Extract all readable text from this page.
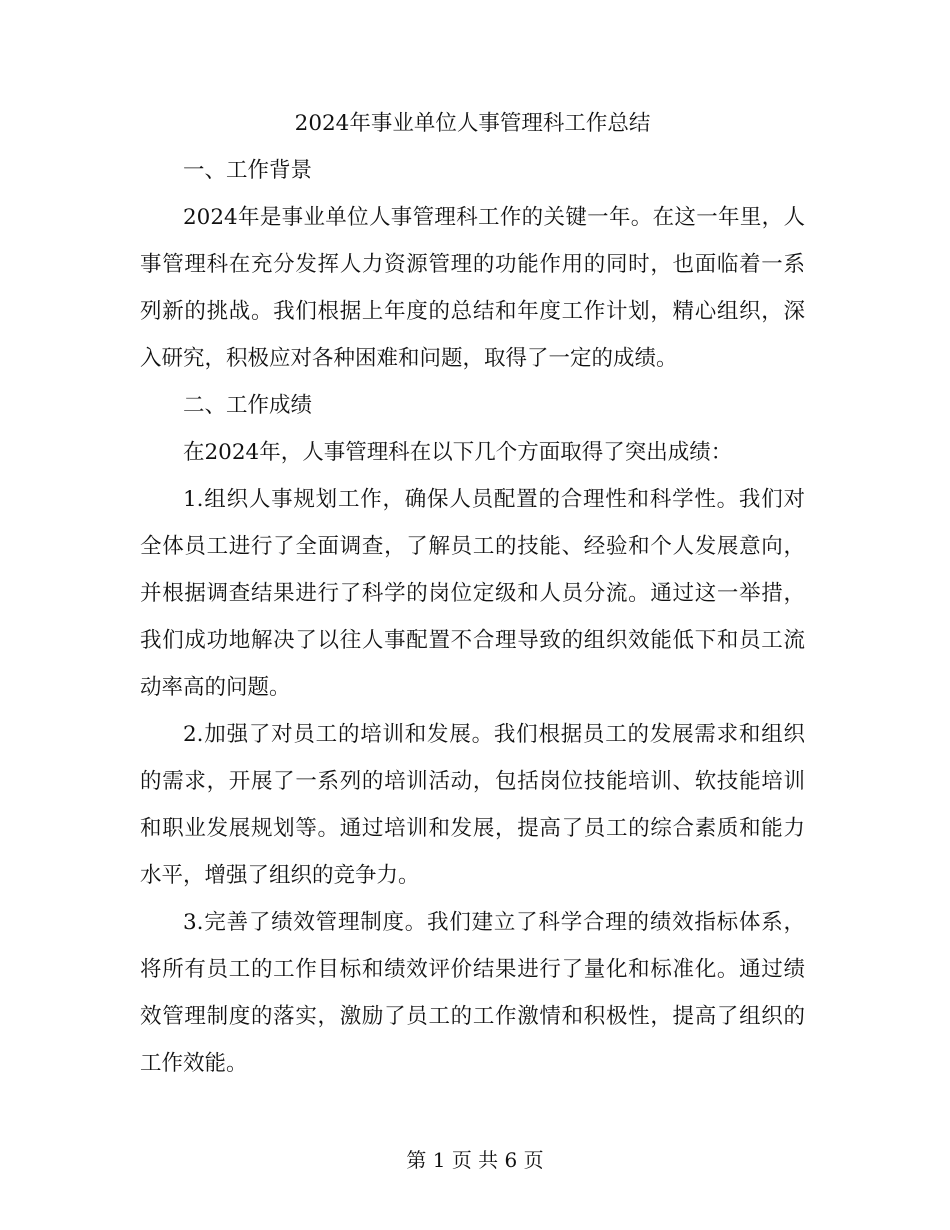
2024年事业单位人事管理科工作总结

一、工作背景

2024年是事业单位人事管理科工作的关键一年。在这一年里，人事管理科在充分发挥人力资源管理的功能作用的同时，也面临着一系列新的挑战。我们根据上年度的总结和年度工作计划，精心组织，深入研究，积极应对各种困难和问题，取得了一定的成绩。

二、工作成绩

在2024年，人事管理科在以下几个方面取得了突出成绩：

1.组织人事规划工作，确保人员配置的合理性和科学性。我们对全体员工进行了全面调查，了解员工的技能、经验和个人发展意向，并根据调查结果进行了科学的岗位定级和人员分流。通过这一举措，我们成功地解决了以往人事配置不合理导致的组织效能低下和员工流动率高的问题。

2.加强了对员工的培训和发展。我们根据员工的发展需求和组织的需求，开展了一系列的培训活动，包括岗位技能培训、软技能培训和职业发展规划等。通过培训和发展，提高了员工的综合素质和能力水平，增强了组织的竞争力。

3.完善了绩效管理制度。我们建立了科学合理的绩效指标体系，将所有员工的工作目标和绩效评价结果进行了量化和标准化。通过绩效管理制度的落实，激励了员工的工作激情和积极性，提高了组织的工作效能。

第 1 页 共 6 页
